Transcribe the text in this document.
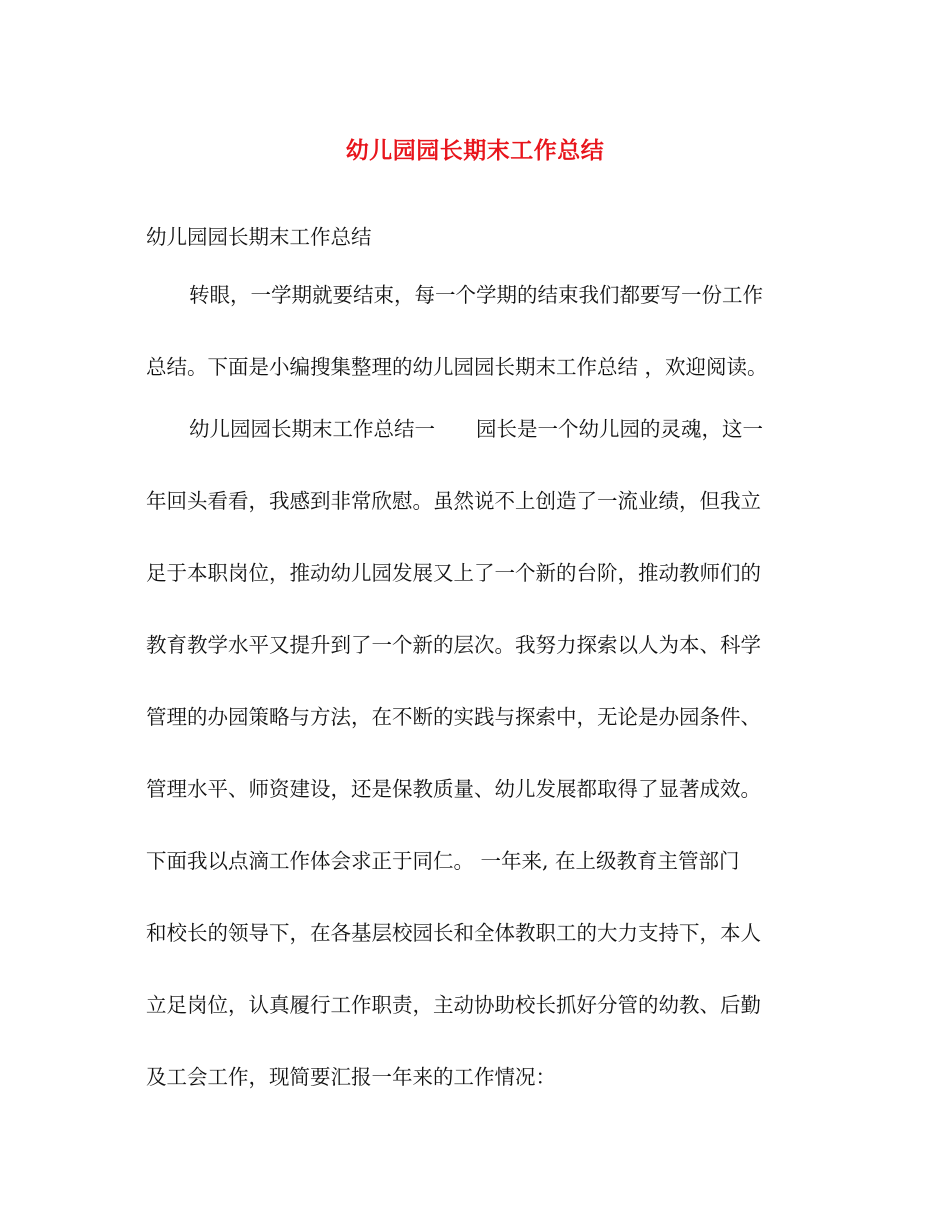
幼儿园园长期末工作总结
幼儿园园长期末工作总结
转眼，一学期就要结束，每一个学期的结束我们都要写一份工作
总结。下面是小编搜集整理的幼儿园园长期末工作总结 ，欢迎阅读。
幼儿园园长期末工作总结一　　园长是一个幼儿园的灵魂，这一
年回头看看，我感到非常欣慰。虽然说不上创造了一流业绩，但我立
足于本职岗位，推动幼儿园发展又上了一个新的台阶，推动教师们的
教育教学水平又提升到了一个新的层次。我努力探索以人为本、科学
管理的办园策略与方法，在不断的实践与探索中，无论是办园条件、
管理水平、师资建设，还是保教质量、幼儿发展都取得了显著成效。
下面我以点滴工作体会求正于同仁。 一年来, 在上级教育主管部门
和校长的领导下，在各基层校园长和全体教职工的大力支持下，本人
立足岗位，认真履行工作职责，主动协助校长抓好分管的幼教、后勤
及工会工作，现简要汇报一年来的工作情况：
